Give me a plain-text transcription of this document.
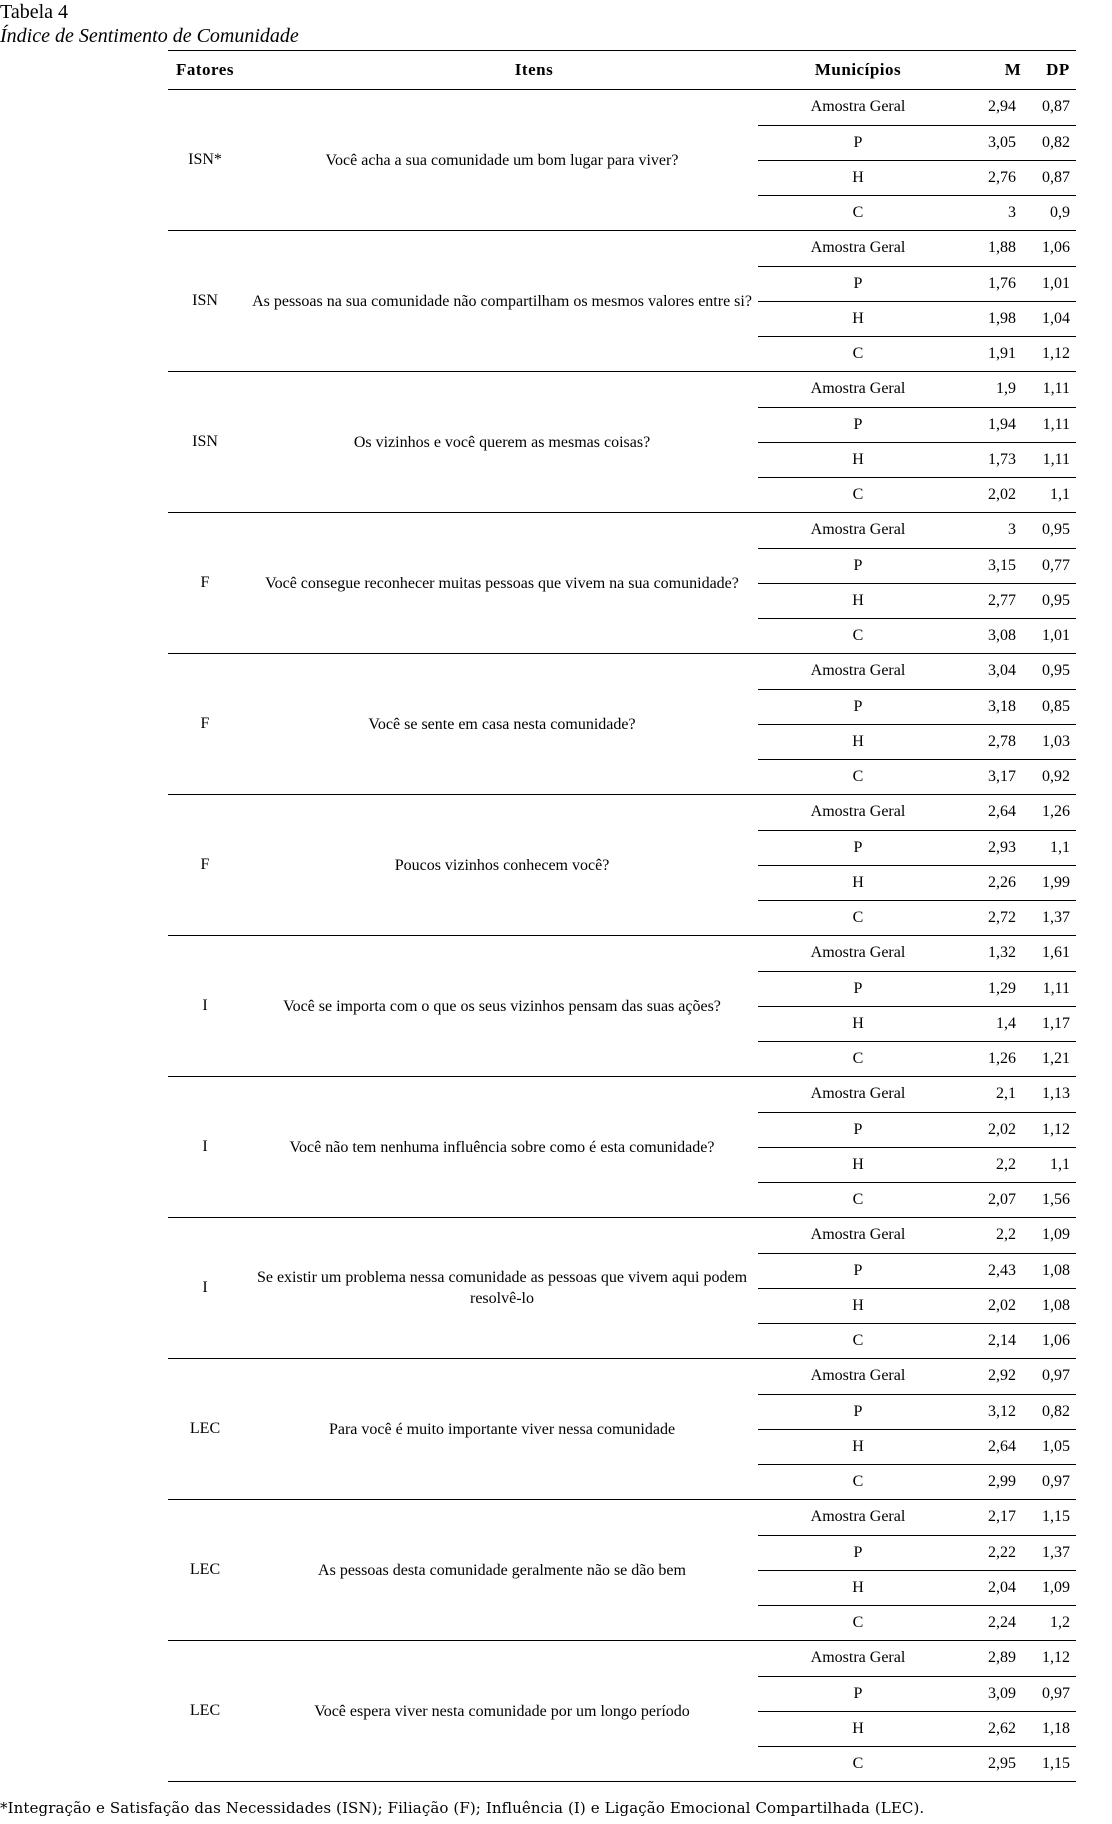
Tabela 4
Índice de Sentimento de Comunidade
Fatores	Itens	Municípios	M	DP
ISN*	Você acha a sua comunidade um bom lugar para viver?
Amostra Geral	2,94	0,87
P	3,05	0,82
H	2,76	0,87
C	3	0,9
ISN	As pessoas na sua comunidade não compartilham os mesmos valores entre si?
Amostra Geral	1,88	1,06
P	1,76	1,01
H	1,98	1,04
C	1,91	1,12
ISN	Os vizinhos e você querem as mesmas coisas?
Amostra Geral	1,9	1,11
P	1,94	1,11
H	1,73	1,11
C	2,02	1,1
F	Você consegue reconhecer muitas pessoas que vivem na sua comunidade?
Amostra Geral	3	0,95
P	3,15	0,77
H	2,77	0,95
C	3,08	1,01
F	Você se sente em casa nesta comunidade?
Amostra Geral	3,04	0,95
P	3,18	0,85
H	2,78	1,03
C	3,17	0,92
F	Poucos vizinhos conhecem você?
Amostra Geral	2,64	1,26
P	2,93	1,1
H	2,26	1,99
C	2,72	1,37
I	Você se importa com o que os seus vizinhos pensam das suas ações?
Amostra Geral	1,32	1,61
P	1,29	1,11
H	1,4	1,17
C	1,26	1,21
I	Você não tem nenhuma influência sobre como é esta comunidade?
Amostra Geral	2,1	1,13
P	2,02	1,12
H	2,2	1,1
C	2,07	1,56
I
Se existir um problema nessa comunidade as pessoas que vivem aqui podem resolvê-lo
Amostra Geral	2,2	1,09
P	2,43	1,08
H	2,02	1,08
C	2,14	1,06
LEC	Para você é muito importante viver nessa comunidade
Amostra Geral	2,92	0,97
P	3,12	0,82
H	2,64	1,05
C	2,99	0,97
LEC	As pessoas desta comunidade geralmente não se dão bem
Amostra Geral	2,17	1,15
P	2,22	1,37
H	2,04	1,09
C	2,24	1,2
LEC	Você espera viver nesta comunidade por um longo período
Amostra Geral	2,89	1,12
P	3,09	0,97
H	2,62	1,18
C	2,95	1,15
*Integração e Satisfação das Necessidades (ISN); Filiação (F); Influência (I) e Ligação Emocional Compartilhada (LEC).
